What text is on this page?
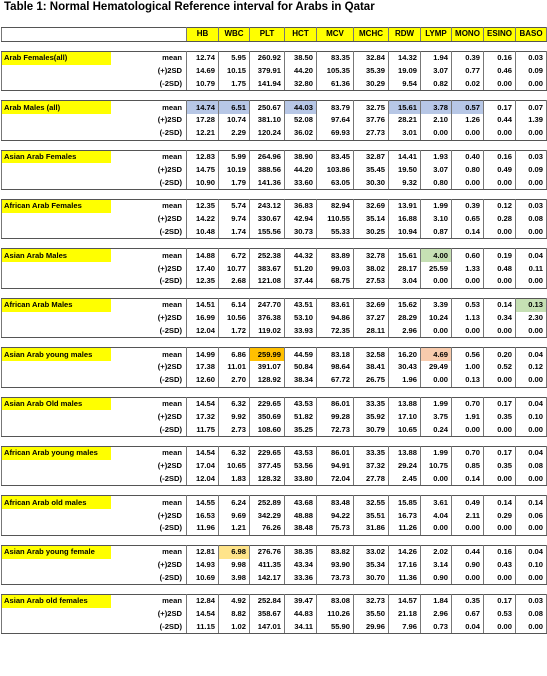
Table 1: Normal Hematological Reference interval for Arabs in Qatar
		HB	WBC	PLT	HCT	MCV	MCHC	RDW	LYMP	MONO	ESINO	BASO

Arab Females(all)	mean	12.74	5.95	260.92	38.50	83.35	32.84	14.32	1.94	0.39	0.16	0.03
	(+)2SD	14.69	10.15	379.91	44.20	105.35	35.39	19.09	3.07	0.77	0.46	0.09
	(-2SD)	10.79	1.75	141.94	32.80	61.36	30.29	9.54	0.82	0.02	0.00	0.00

Arab Males (all)	mean	14.74	6.51	250.67	44.03	83.79	32.75	15.61	3.78	0.57	0.17	0.07
	(+)2SD	17.28	10.74	381.10	52.08	97.64	37.76	28.21	2.10	1.26	0.44	1.39
	(-2SD)	12.21	2.29	120.24	36.02	69.93	27.73	3.01	0.00	0.00	0.00	0.00

Asian Arab Females	mean	12.83	5.99	264.96	38.90	83.45	32.87	14.41	1.93	0.40	0.16	0.03
	(+)2SD	14.75	10.19	388.56	44.20	103.86	35.45	19.50	3.07	0.80	0.49	0.09
	(-2SD)	10.90	1.79	141.36	33.60	63.05	30.30	9.32	0.80	0.00	0.00	0.00

African Arab Females	mean	12.35	5.74	243.12	36.83	82.94	32.69	13.91	1.99	0.39	0.12	0.03
	(+)2SD	14.22	9.74	330.67	42.94	110.55	35.14	16.88	3.10	0.65	0.28	0.08
	(-2SD)	10.48	1.74	155.56	30.73	55.33	30.25	10.94	0.87	0.14	0.00	0.00

Asian Arab Males	mean	14.88	6.72	252.38	44.32	83.89	32.78	15.61	4.00	0.60	0.19	0.04
	(+)2SD	17.40	10.77	383.67	51.20	99.03	38.02	28.17	25.59	1.33	0.48	0.11
	(-2SD)	12.35	2.68	121.08	37.44	68.75	27.53	3.04	0.00	0.00	0.00	0.00

African Arab Males	mean	14.51	6.14	247.70	43.51	83.61	32.69	15.62	3.39	0.53	0.14	0.13
	(+)2SD	16.99	10.56	376.38	53.10	94.86	37.27	28.29	10.24	1.13	0.34	2.30
	(-2SD)	12.04	1.72	119.02	33.93	72.35	28.11	2.96	0.00	0.00	0.00	0.00

Asian Arab young males	mean	14.99	6.86	259.99	44.59	83.18	32.58	16.20	4.69	0.56	0.20	0.04
	(+)2SD	17.38	11.01	391.07	50.84	98.64	38.41	30.43	29.49	1.00	0.52	0.12
	(-2SD)	12.60	2.70	128.92	38.34	67.72	26.75	1.96	0.00	0.13	0.00	0.00

Asian Arab Old males	mean	14.54	6.32	229.65	43.53	86.01	33.35	13.88	1.99	0.70	0.17	0.04
	(+)2SD	17.32	9.92	350.69	51.82	99.28	35.92	17.10	3.75	1.91	0.35	0.10
	(-2SD)	11.75	2.73	108.60	35.25	72.73	30.79	10.65	0.24	0.00	0.00	0.00

African Arab young males	mean	14.54	6.32	229.65	43.53	86.01	33.35	13.88	1.99	0.70	0.17	0.04
	(+)2SD	17.04	10.65	377.45	53.56	94.91	37.32	29.24	10.75	0.85	0.35	0.08
	(-2SD)	12.04	1.83	128.32	33.80	72.04	27.78	2.45	0.00	0.14	0.00	0.00

African Arab old males	mean	14.55	6.24	252.89	43.68	83.48	32.55	15.85	3.61	0.49	0.14	0.14
	(+)2SD	16.53	9.69	342.29	48.88	94.22	35.51	16.73	4.04	2.11	0.29	0.06
	(-2SD)	11.96	1.21	76.26	38.48	75.73	31.86	11.26	0.00	0.00	0.00	0.00

Asian Arab young female	mean	12.81	6.98	276.76	38.35	83.82	33.02	14.26	2.02	0.44	0.16	0.04
	(+)2SD	14.93	9.98	411.35	43.34	93.90	35.34	17.16	3.14	0.90	0.43	0.10
	(-2SD)	10.69	3.98	142.17	33.36	73.73	30.70	11.36	0.90	0.00	0.00	0.00

Asian Arab old females	mean	12.84	4.92	252.84	39.47	83.08	32.73	14.57	1.84	0.35	0.17	0.03
	(+)2SD	14.54	8.82	358.67	44.83	110.26	35.50	21.18	2.96	0.67	0.53	0.08
	(-2SD)	11.15	1.02	147.01	34.11	55.90	29.96	7.96	0.73	0.04	0.00	0.00
